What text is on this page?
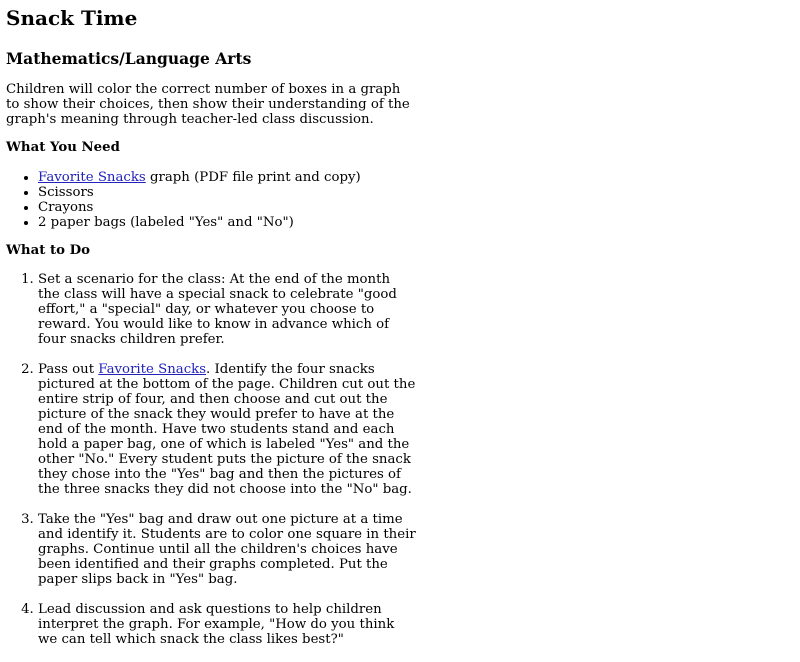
Snack Time
Mathematics/Language Arts

Children will color the correct number of boxes in a graph to show their choices, then show their understanding of the graph's meaning through teacher-led class discussion.

What You Need
• Favorite Snacks graph (PDF file print and copy)
• Scissors
• Crayons
• 2 paper bags (labeled "Yes" and "No")
What to Do
1. Set a scenario for the class: At the end of the month the class will have a special snack to celebrate "good effort," a "special" day, or whatever you choose to reward. You would like to know in advance which of four snacks children prefer.
2. Pass out Favorite Snacks. Identify the four snacks pictured at the bottom of the page. Children cut out the entire strip of four, and then choose and cut out the picture of the snack they would prefer to have at the end of the month. Have two students stand and each hold a paper bag, one of which is labeled "Yes" and the other "No." Every student puts the picture of the snack they chose into the "Yes" bag and then the pictures of the three snacks they did not choose into the "No" bag.
3. Take the "Yes" bag and draw out one picture at a time and identify it. Students are to color one square in their graphs. Continue until all the children's choices have been identified and their graphs completed. Put the paper slips back in "Yes" bag.
4. Lead discussion and ask questions to help children interpret the graph. For example, "How do you think we can tell which snack the class likes best?"
